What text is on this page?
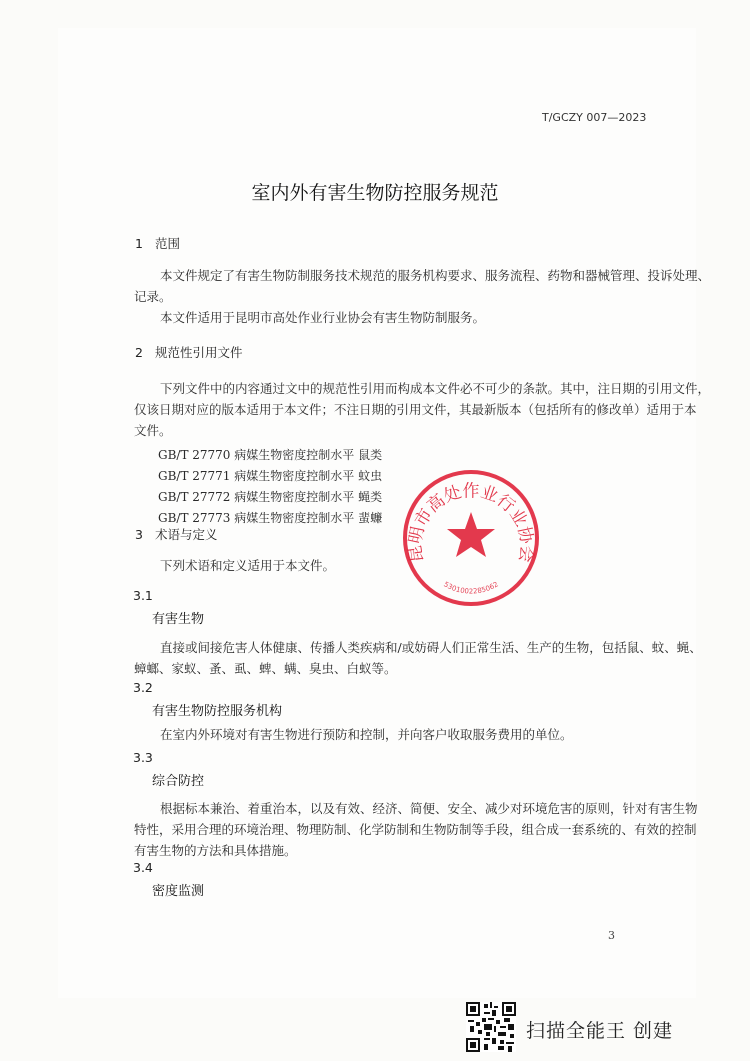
T/GCZY 007—2023
室内外有害生物防控服务规范
1 范围
本文件规定了有害生物防制服务技术规范的服务机构要求、服务流程、药物和器械管理、投诉处理、
记录。
本文件适用于昆明市高处作业行业协会有害生物防制服务。
2 规范性引用文件
下列文件中的内容通过文中的规范性引用而构成本文件必不可少的条款。其中，注日期的引用文件，
仅该日期对应的版本适用于本文件；不注日期的引用文件，其最新版本（包括所有的修改单）适用于本
文件。
GB/T 27770 病媒生物密度控制水平 鼠类
GB/T 27771 病媒生物密度控制水平 蚊虫
GB/T 27772 病媒生物密度控制水平 蝇类
GB/T 27773 病媒生物密度控制水平 蜚蠊
3 术语与定义
下列术语和定义适用于本文件。
3.1
有害生物
直接或间接危害人体健康、传播人类疾病和/或妨碍人们正常生活、生产的生物，包括鼠、蚊、蝇、
蟑螂、家蚁、蚤、虱、蜱、螨、臭虫、白蚁等。
3.2
有害生物防控服务机构
在室内外环境对有害生物进行预防和控制，并向客户收取服务费用的单位。
3.3
综合防控
根据标本兼治、着重治本，以及有效、经济、简便、安全、减少对环境危害的原则，针对有害生物
特性，采用合理的环境治理、物理防制、化学防制和生物防制等手段，组合成一套系统的、有效的控制
有害生物的方法和具体措施。
3.4
密度监测
昆明市高处作业行业协会
5301002285062
3
扫描全能王 创建
